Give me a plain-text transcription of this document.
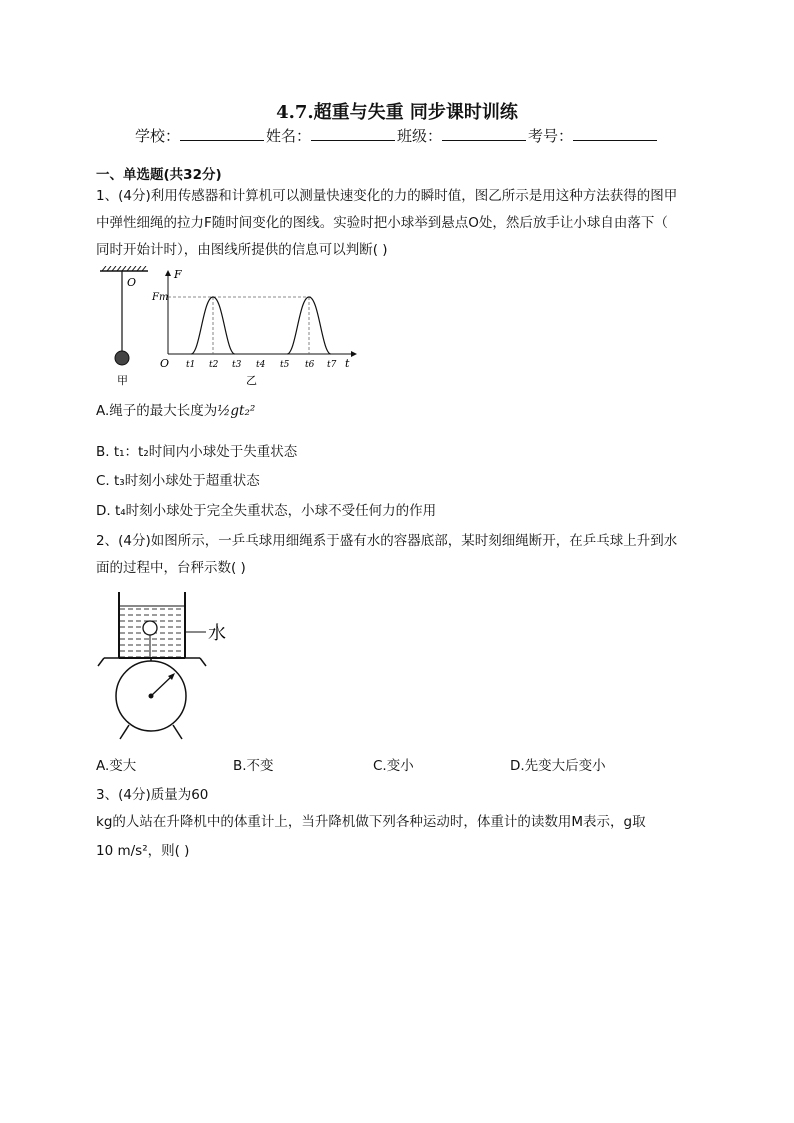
4.7.超重与失重 同步课时训练
学校：	姓名：	班级：	考号：
一、单选题(共32分)
1、(4分)利用传感器和计算机可以测量快速变化的力的瞬时值，图乙所示是用这种方法获得的图甲
中弹性细绳的拉力F随时间变化的图线。实验时把小球举到悬点O处，然后放手让小球自由落下（
同时开始计时），由图线所提供的信息可以判断( )
O
甲
F
t
O
Fm
t1 t2 t3 t4 t5 t6 t7
乙
A.绳子的最大长度为½gt₂²
B. t₁：t₂时间内小球处于失重状态
C. t₃时刻小球处于超重状态
D. t₄时刻小球处于完全失重状态，小球不受任何力的作用
2、(4分)如图所示，一乒乓球用细绳系于盛有水的容器底部，某时刻细绳断开，在乒乓球上升到水
面的过程中，台秤示数( )
水
A.变大	B.不变	C.变小	D.先变大后变小
3、(4分)质量为60
kg的人站在升降机中的体重计上，当升降机做下列各种运动时，体重计的读数用M表示，g取
10 m/s²，则( )
